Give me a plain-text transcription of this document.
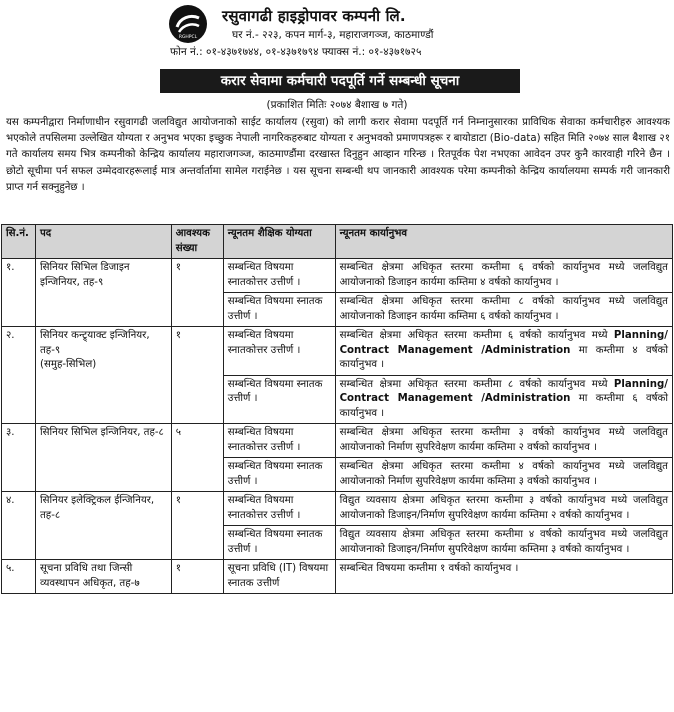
RGHPCL
रसुवागढी हाइड्रोपावर कम्पनी लि.
घर नं.- २२३, कपन मार्ग-३, महाराजगञ्ज, काठमाण्डौं
फोन नं.: ०१-४३७१७४४, ०१-४३७१७९४ फ्याक्स नं.: ०१-४३७१७२५
करार सेवामा कर्मचारी पदपूर्ति गर्ने सम्बन्धी सूचना
(प्रकाशित मितिः २०७४ बैशाख ७ गते)
यस कम्पनीद्वारा निर्माणाधीन रसुवागढी जलविद्युत आयोजनाको साईट कार्यालय (रसुवा) को लागी करार सेवामा पदपूर्ति गर्न निम्नानुसारका प्राविधिक सेवाका कर्मचारीहरु आवश्यक भएकोले तपसिलमा उल्लेखित योग्यता र अनुभव भएका इच्छुक नेपाली नागरिकहरुबाट योग्यता र अनुभवको प्रमाणपत्रहरू र बायोडाटा (Bio-data) सहित मिति २०७४ साल बैशाख २१ गते कार्यालय समय भित्र कम्पनीको केन्द्रिय कार्यालय महाराजगञ्ज, काठमाण्डौंमा दरखास्त दिनुहुन आव्हान गरिन्छ । रितपूर्वक पेश नभएका आवेदन उपर कुनै कारवाही गरिने छैन । छोटो सूचीमा पर्न सफल उम्मेदवारहरूलाई मात्र अन्तर्वार्तामा सामेल गराईनेछ । यस सूचना सम्बन्धी थप जानकारी आवश्यक परेमा कम्पनीको केन्द्रिय कार्यालयमा सम्पर्क गरी जानकारी प्राप्त गर्न सक्नुहुनेछ ।
सि.नं.	पद	आवश्यक संख्या	न्यूनतम शैक्षिक योग्यता	न्यूनतम कार्यानुभव
१.	सिनियर सिभिल डिजाइन इन्जिनियर, तह-९	१	सम्बन्धित विषयमा स्नातकोत्तर उत्तीर्ण ।	सम्बन्धित क्षेत्रमा अधिकृत स्तरमा कम्तीमा ६ वर्षको कार्यानुभव मध्ये जलविद्युत आयोजनाको डिजाइन कार्यमा कम्तिमा ४ वर्षको कार्यानुभव ।
			सम्बन्धित विषयमा स्नातक उत्तीर्ण ।	सम्बन्धित क्षेत्रमा अधिकृत स्तरमा कम्तीमा ८ वर्षको कार्यानुभव मध्ये जलविद्युत आयोजनाको डिजाइन कार्यमा कम्तिमा ६ वर्षको कार्यानुभव ।
२.	सिनियर कन्ट्र्याक्ट इन्जिनियर, तह-९
(समुह-सिभिल)	१	सम्बन्धित विषयमा स्नातकोत्तर उत्तीर्ण ।	सम्बन्धित क्षेत्रमा अधिकृत स्तरमा कम्तीमा ६ वर्षको कार्यानुभव मध्ये Planning/ Contract Management /Administration मा कम्तीमा ४ वर्षको कार्यानुभव ।
			सम्बन्धित विषयमा स्नातक उत्तीर्ण ।	सम्बन्धित क्षेत्रमा अधिकृत स्तरमा कम्तीमा ८ वर्षको कार्यानुभव मध्ये Planning/ Contract Management /Administration मा कम्तीमा ६ वर्षको कार्यानुभव ।
३.	सिनियर सिभिल इन्जिनियर, तह-८	५	सम्बन्धित विषयमा स्नातकोत्तर उत्तीर्ण ।	सम्बन्धित क्षेत्रमा अधिकृत स्तरमा कम्तीमा ३ वर्षको कार्यानुभव मध्ये जलविद्युत आयोजनाको निर्माण सुपरिवेक्षण कार्यमा कम्तिमा २ वर्षको कार्यानुभव ।
			सम्बन्धित विषयमा स्नातक उत्तीर्ण ।	सम्बन्धित क्षेत्रमा अधिकृत स्तरमा कम्तीमा ४ वर्षको कार्यानुभव मध्ये जलविद्युत आयोजनाको निर्माण सुपरिवेक्षण कार्यमा कम्तिमा ३ वर्षको कार्यानुभव ।
४.	सिनियर इलेक्ट्रिकल ईन्जिनियर, तह-८	१	सम्बन्धित विषयमा स्नातकोत्तर उत्तीर्ण ।	विद्युत व्यवसाय क्षेत्रमा अधिकृत स्तरमा कम्तीमा ३ वर्षको कार्यानुभव मध्ये जलविद्युत आयोजनाको डिजाइन/निर्माण सुपरिवेक्षण कार्यमा कम्तिमा २ वर्षको कार्यानुभव ।
			सम्बन्धित विषयमा स्नातक उत्तीर्ण ।	विद्युत व्यवसाय क्षेत्रमा अधिकृत स्तरमा कम्तीमा ४ वर्षको कार्यानुभव मध्ये जलविद्युत आयोजनाको डिजाइन/निर्माण सुपरिवेक्षण कार्यमा कम्तिमा ३ वर्षको कार्यानुभव ।
५.	सूचना प्रविधि तथा जिन्सी व्यवस्थापन अधिकृत, तह-७	१	सूचना प्रविधि (IT) विषयमा स्नातक उत्तीर्ण	सम्बन्धित विषयमा कम्तीमा १ वर्षको कार्यानुभव ।
